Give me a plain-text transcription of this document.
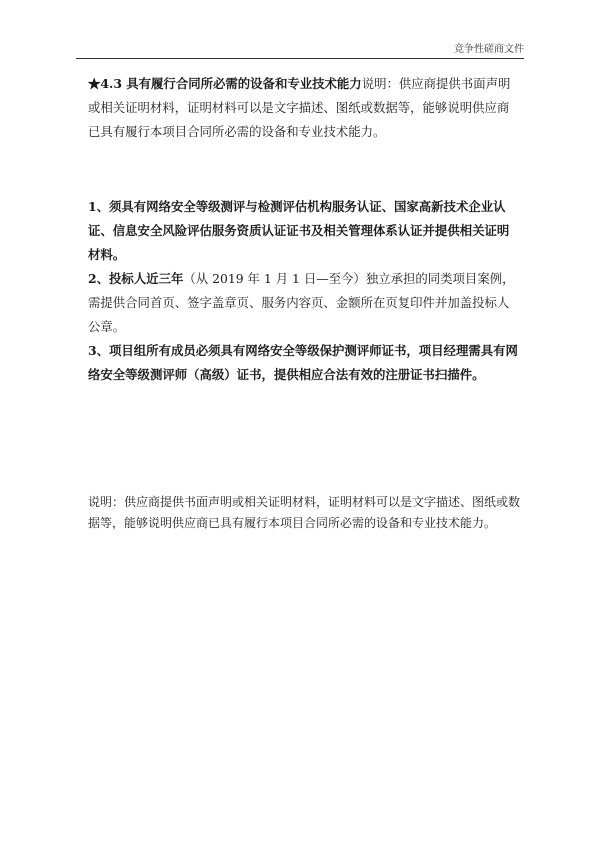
竞争性磋商文件
★4.3 具有履行合同所必需的设备和专业技术能力说明：供应商提供书面声明或相关证明材料，证明材料可以是文字描述、图纸或数据等，能够说明供应商已具有履行本项目合同所必需的设备和专业技术能力。

1、须具有网络安全等级测评与检测评估机构服务认证、国家高新技术企业认证、信息安全风险评估服务资质认证证书及相关管理体系认证并提供相关证明材料。

2、投标人近三年（从 2019 年 1 月 1 日—至今）独立承担的同类项目案例，需提供合同首页、签字盖章页、服务内容页、金额所在页复印件并加盖投标人公章。

3、项目组所有成员必须具有网络安全等级保护测评师证书，项目经理需具有网络安全等级测评师（高级）证书，提供相应合法有效的注册证书扫描件。

说明：供应商提供书面声明或相关证明材料，证明材料可以是文字描述、图纸或数据等，能够说明供应商已具有履行本项目合同所必需的设备和专业技术能力。
